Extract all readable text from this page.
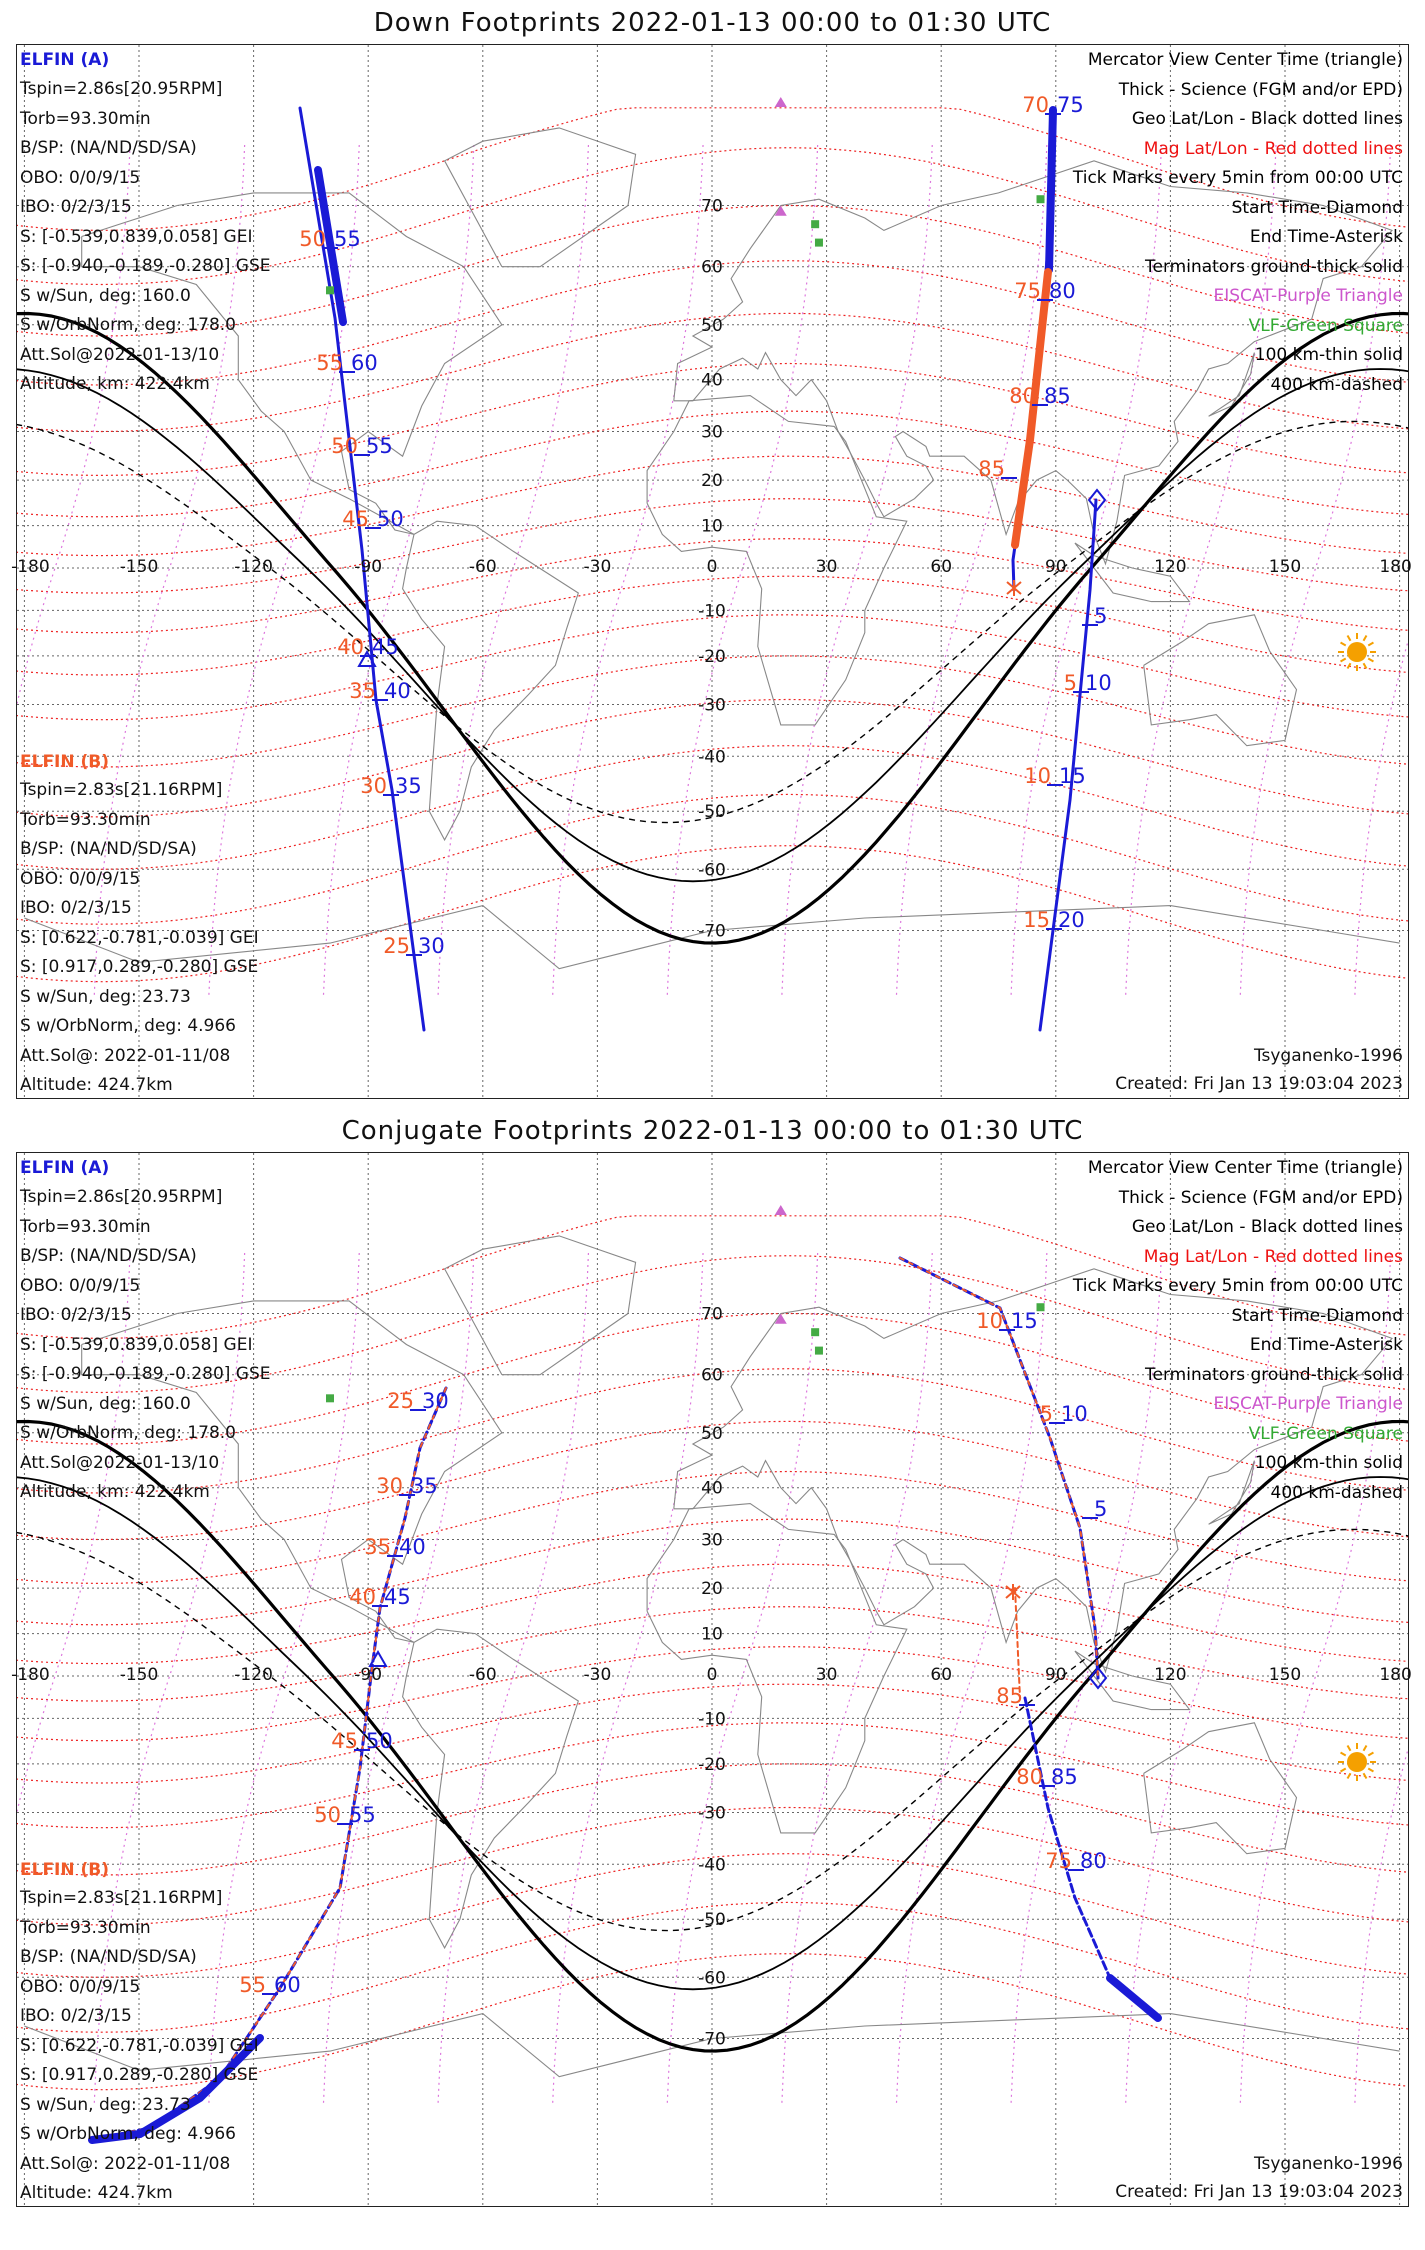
Down Footprints 2022-01-13 00:00 to 01:30 UTC
-180	-150	-120	-90	-60	-30	0	30	60	90	120	150	180
70
60
50
40
30
20
10
-10
-20
-30
-40
-50
-60
-70
50 55
55 60
50 55
45 50
40 45
35 40
30 35
25 30
70 75
75 80
80 85
85
5
5 10
10 15
15 20
ELFIN (A)
Tspin=2.86s[20.95RPM]
Torb=93.30min
B/SP: (NA/ND/SD/SA)
OBO: 0/0/9/15
IBO: 0/2/3/15
S: [-0.539,0.839,0.058] GEI
S: [-0.940,-0.189,-0.280] GSE
S w/Sun, deg: 160.0
S w/OrbNorm, deg: 178.0
Att.Sol@2022-01-13/10
Altitude, km: 422.4km
ELFIN (B)
Tspin=2.83s[21.16RPM]
Torb=93.30min
B/SP: (NA/ND/SD/SA)
OBO: 0/0/9/15
IBO: 0/2/3/15
S: [0.622,-0.781,-0.039] GEI
S: [0.917,0.289,-0.280] GSE
S w/Sun, deg: 23.73
S w/OrbNorm, deg: 4.966
Att.Sol@: 2022-01-11/08
Altitude: 424.7km
Mercator View Center Time (triangle)
Thick - Science (FGM and/or EPD)
Geo Lat/Lon - Black dotted lines
Mag Lat/Lon - Red dotted lines
Tick Marks every 5min from 00:00 UTC
Start Time-Diamond
End Time-Asterisk
Terminators ground-thick solid
EISCAT-Purple Triangle
VLF-Green Square
100 km-thin solid
400 km-dashed
Tsyganenko-1996
Created: Fri Jan 13 19:03:04 2023
Conjugate Footprints 2022-01-13 00:00 to 01:30 UTC
-180	-150	-120	-90	-60	-30	0	30	60	90	120	150	180
70
60
50
40
30
20
10
-10
-20
-30
-40
-50
-60
-70
25 30
30 35
35 40
40 45
45 50
50 55
55 60
10 15
5 10
5
85
80 85
75 80
ELFIN (A)
Tspin=2.86s[20.95RPM]
Torb=93.30min
B/SP: (NA/ND/SD/SA)
OBO: 0/0/9/15
IBO: 0/2/3/15
S: [-0.539,0.839,0.058] GEI
S: [-0.940,-0.189,-0.280] GSE
S w/Sun, deg: 160.0
S w/OrbNorm, deg: 178.0
Att.Sol@2022-01-13/10
Altitude, km: 422.4km
ELFIN (B)
Tspin=2.83s[21.16RPM]
Torb=93.30min
B/SP: (NA/ND/SD/SA)
OBO: 0/0/9/15
IBO: 0/2/3/15
S: [0.622,-0.781,-0.039] GEI
S: [0.917,0.289,-0.280] GSE
S w/Sun, deg: 23.73
S w/OrbNorm, deg: 4.966
Att.Sol@: 2022-01-11/08
Altitude: 424.7km
Mercator View Center Time (triangle)
Thick - Science (FGM and/or EPD)
Geo Lat/Lon - Black dotted lines
Mag Lat/Lon - Red dotted lines
Tick Marks every 5min from 00:00 UTC
Start Time-Diamond
End Time-Asterisk
Terminators ground-thick solid
EISCAT-Purple Triangle
VLF-Green Square
100 km-thin solid
400 km-dashed
Tsyganenko-1996
Created: Fri Jan 13 19:03:04 2023
